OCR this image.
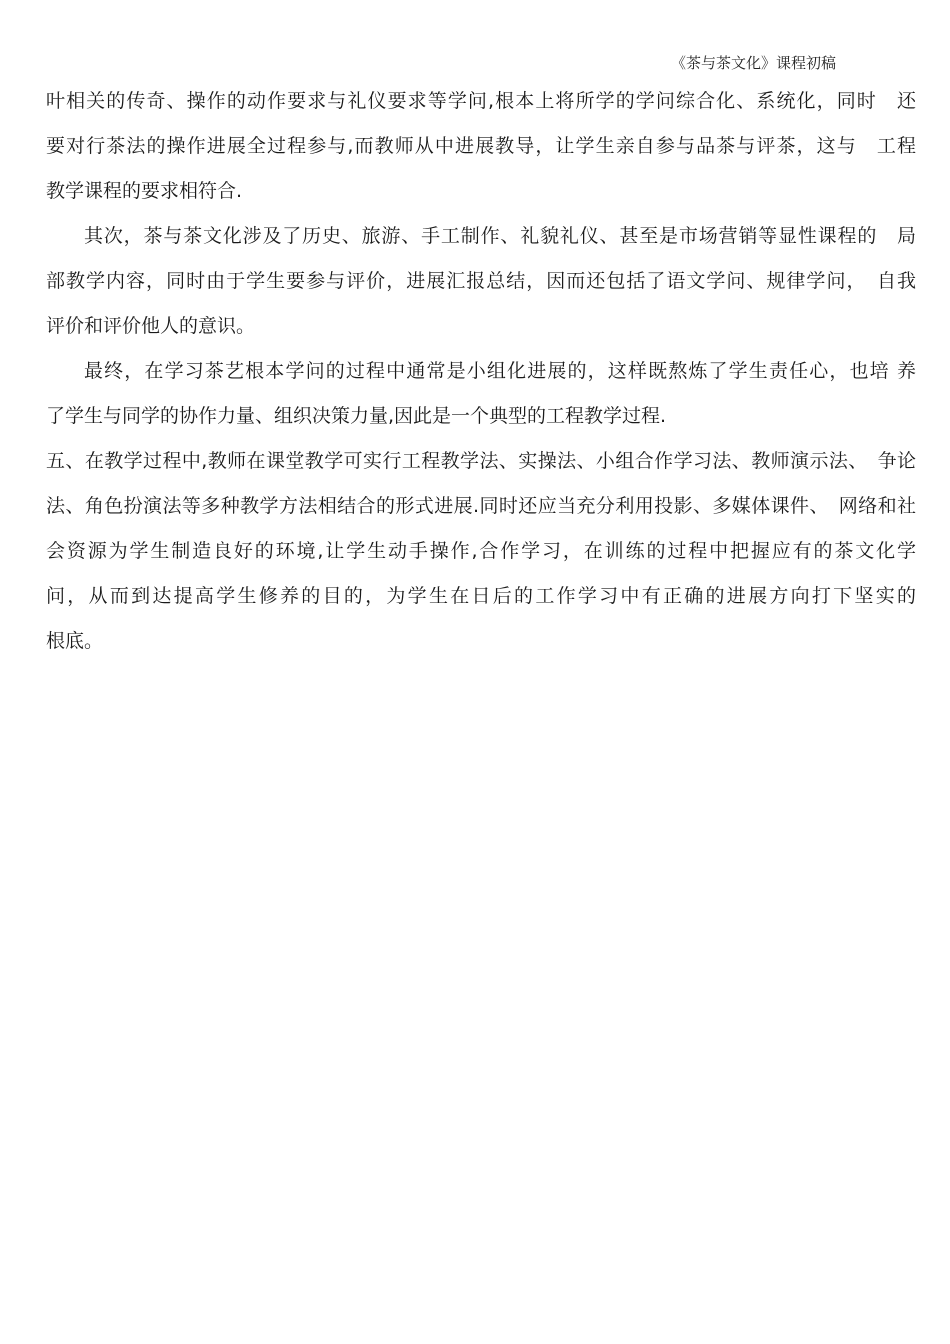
《茶与茶文化》课程初稿
叶相关的传奇、操作的动作要求与礼仪要求等学问,根本上将所学的学问综合化、系统化，同时　还
要对行茶法的操作进展全过程参与,而教师从中进展教导，让学生亲自参与品茶与评茶，这与　工程
教学课程的要求相符合.
其次，茶与茶文化涉及了历史、旅游、手工制作、礼貌礼仪、甚至是市场营销等显性课程的　局
部教学内容，同时由于学生要参与评价，进展汇报总结，因而还包括了语文学问、规律学问，　自我
评价和评价他人的意识。
最终，在学习茶艺根本学问的过程中通常是小组化进展的，这样既熬炼了学生责任心，也培 养
了学生与同学的协作力量、组织决策力量,因此是一个典型的工程教学过程.
五、在教学过程中,教师在课堂教学可实行工程教学法、实操法、小组合作学习法、教师演示法、　争论
法、角色扮演法等多种教学方法相结合的形式进展.同时还应当充分利用投影、多媒体课件、　网络和社
会资源为学生制造良好的环境,让学生动手操作,合作学习，在训练的过程中把握应有的茶文化学
问，从而到达提高学生修养的目的，为学生在日后的工作学习中有正确的进展方向打下坚实的
根底。
